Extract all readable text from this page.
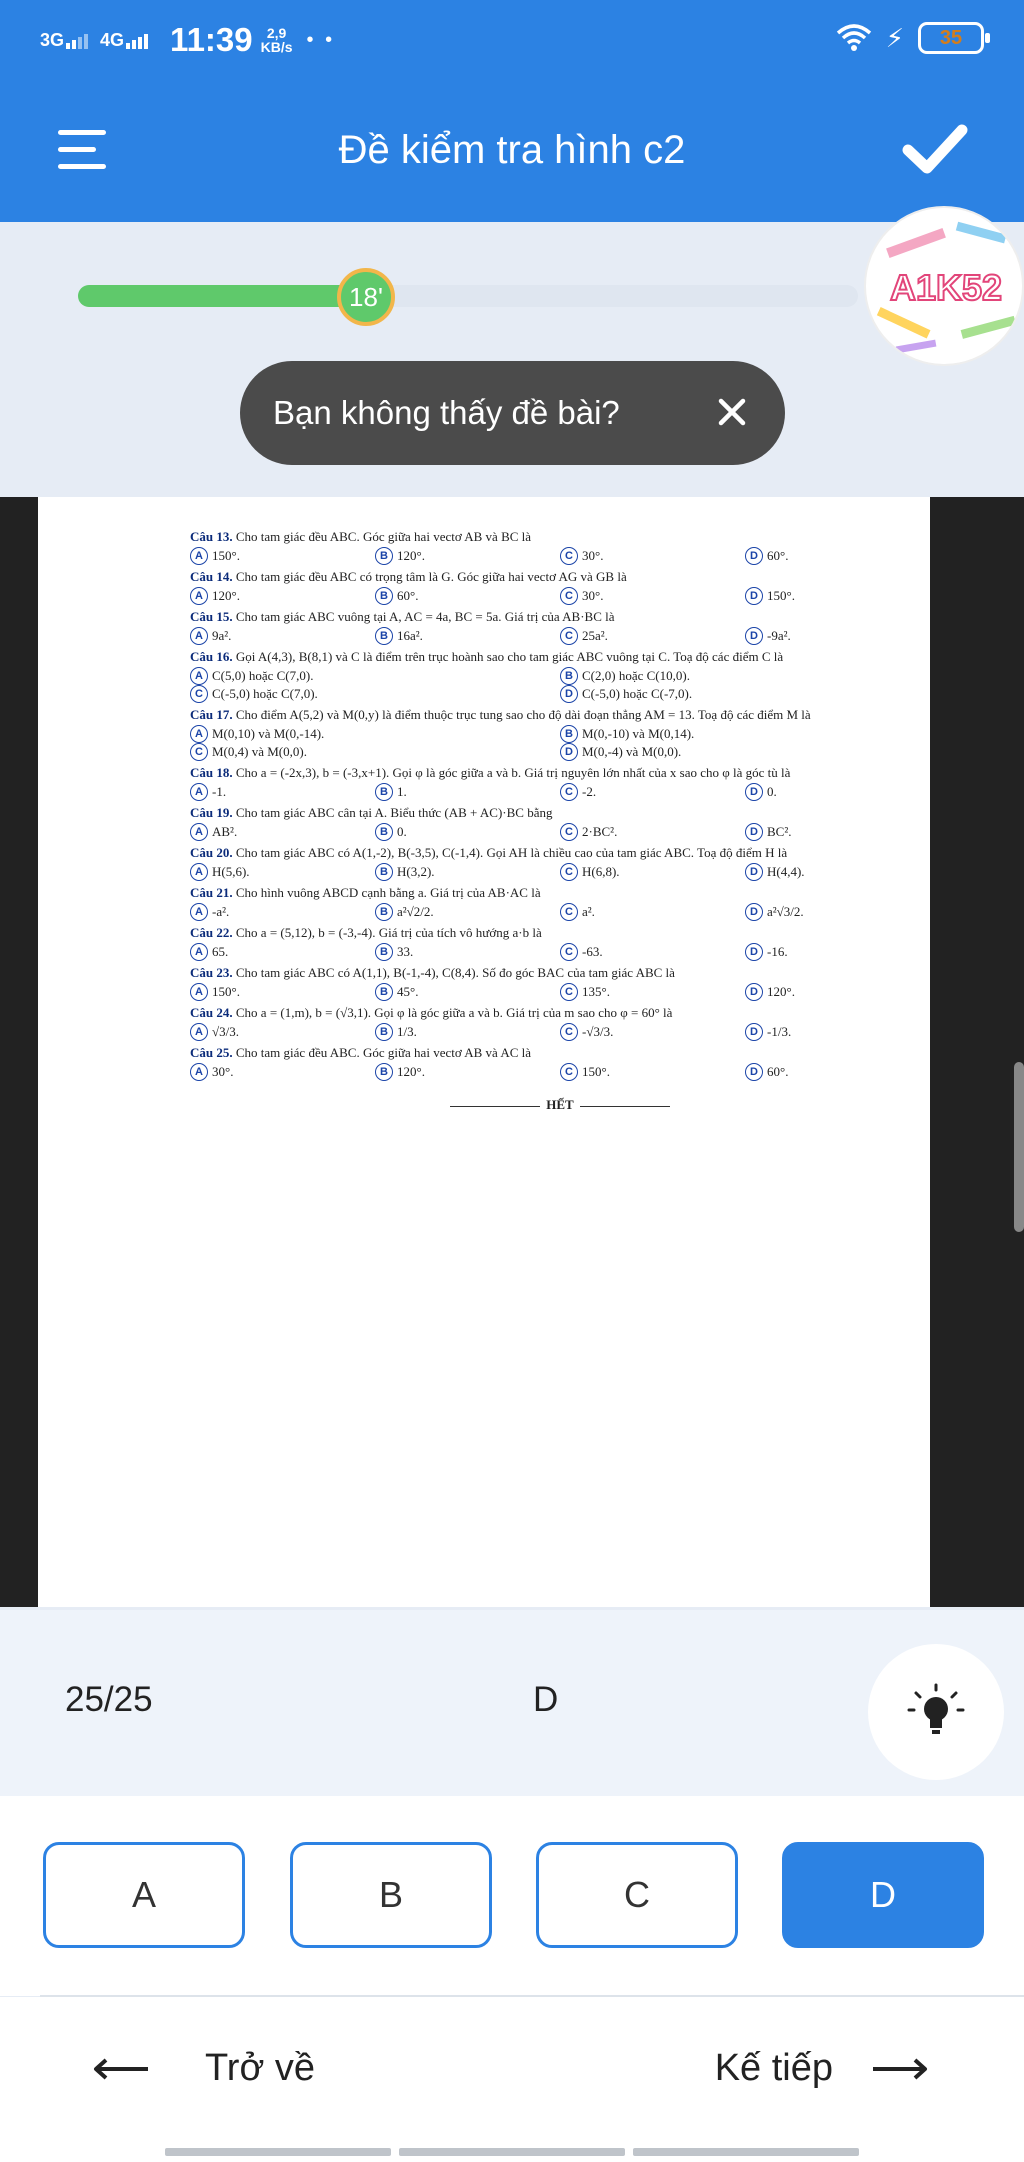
3G 4G 11:39	2,9
KB/s • •	⚡ 35
Đề kiểm tra hình c2
18'	A1K52
Bạn không thấy đề bài?
Câu 13. Cho tam giác đều ABC. Góc giữa hai vectơ AB và BC là
A 150°.	B 120°.	C 30°.	D 60°.
Câu 14. Cho tam giác đều ABC có trọng tâm là G. Góc giữa hai vectơ AG và GB là
A 120°.	B 60°.	C 30°.	D 150°.
Câu 15. Cho tam giác ABC vuông tại A, AC = 4a, BC = 5a. Giá trị của AB·BC là
A 9a².	B 16a².	C 25a².	D -9a².
Câu 16. Gọi A(4,3), B(8,1) và C là điểm trên trục hoành sao cho tam giác ABC vuông tại C. Toạ độ các điểm C là
A C(5,0) hoặc C(7,0).	B C(2,0) hoặc C(10,0).
C C(-5,0) hoặc C(7,0).	D C(-5,0) hoặc C(-7,0).
Câu 17. Cho điểm A(5,2) và M(0,y) là điểm thuộc trục tung sao cho độ dài đoạn thẳng AM = 13. Toạ độ các điểm M là
A M(0,10) và M(0,-14).	B M(0,-10) và M(0,14).
C M(0,4) và M(0,0).	D M(0,-4) và M(0,0).
Câu 18. Cho a = (-2x,3), b = (-3,x+1). Gọi φ là góc giữa a và b. Giá trị nguyên lớn nhất của x sao cho φ là góc tù là
A -1.	B 1.	C -2.	D 0.
Câu 19. Cho tam giác ABC cân tại A. Biểu thức (AB + AC)·BC bằng
A AB².	B 0.	C 2·BC².	D BC².
Câu 20. Cho tam giác ABC có A(1,-2), B(-3,5), C(-1,4). Gọi AH là chiều cao của tam giác ABC. Toạ độ điểm H là
A H(5,6).	B H(3,2).	C H(6,8).	D H(4,4).
Câu 21. Cho hình vuông ABCD cạnh bằng a. Giá trị của AB·AC là
A -a².	B a²√2/2.	C a².	D a²√3/2.
Câu 22. Cho a = (5,12), b = (-3,-4). Giá trị của tích vô hướng a·b là
A 65.	B 33.	C -63.	D -16.
Câu 23. Cho tam giác ABC có A(1,1), B(-1,-4), C(8,4). Số đo góc BAC của tam giác ABC là
A 150°.	B 45°.	C 135°.	D 120°.
Câu 24. Cho a = (1,m), b = (√3,1). Gọi φ là góc giữa a và b. Giá trị của m sao cho φ = 60° là
A √3/3.	B 1/3.	C -√3/3.	D -1/3.
Câu 25. Cho tam giác đều ABC. Góc giữa hai vectơ AB và AC là
A 30°.	B 120°.	C 150°.	D 60°.
HẾT
25/25	D
A	B	C	D
Trở về	Kế tiếp
